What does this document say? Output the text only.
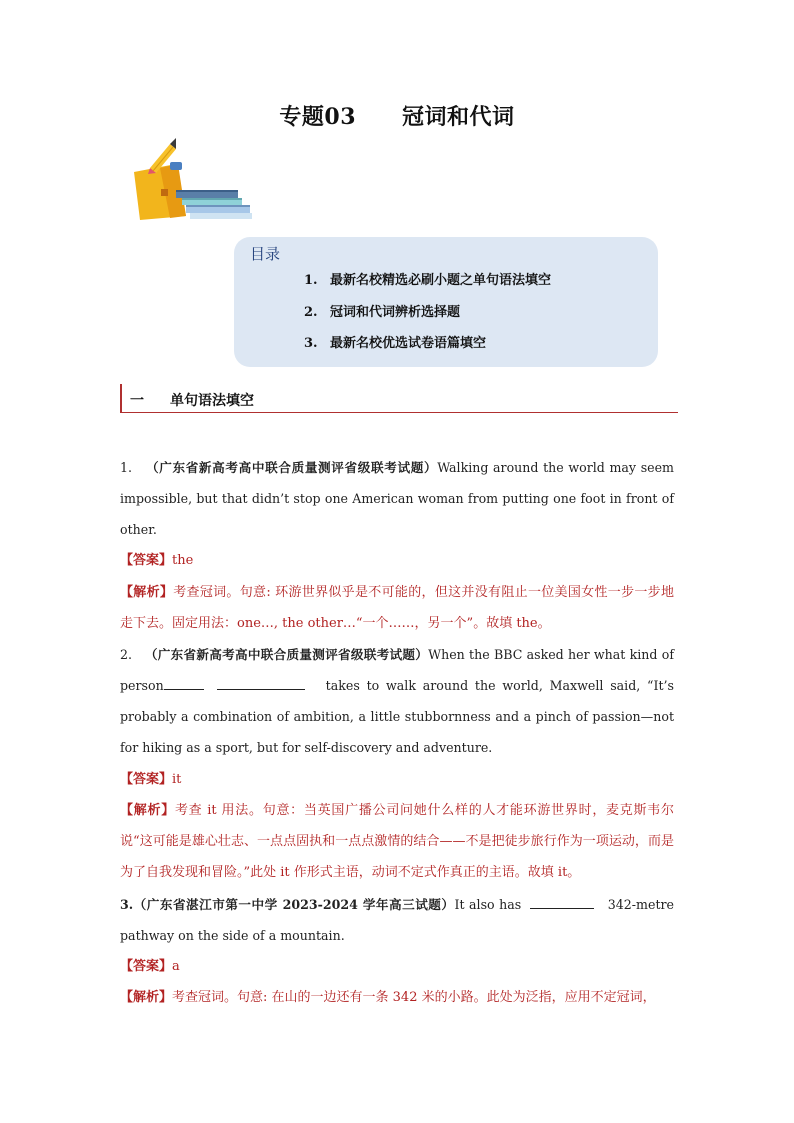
专题03 冠词和代词
目录
1. 最新名校精选必刷小题之单句语法填空
2. 冠词和代词辨析选择题
3. 最新名校优选试卷语篇填空
一 单句语法填空
1. （广东省新高考高中联合质量测评省级联考试题）Walking around the world may seem impossible, but that didn’t stop one American woman from putting one foot in front of other.
【答案】the
【解析】考查冠词。句意: 环游世界似乎是不可能的，但这并没有阻止一位美国女性一步一步地走下去。固定用法：one…, the other…“一个……，另一个”。故填 the。
2. （广东省新高考高中联合质量测评省级联考试题）When the BBC asked her what kind of person	takes to walk around the world, Maxwell said, “It’s probably a combination of ambition, a little stubbornness and a pinch of passion—not for hiking as a sport, but for self-discovery and adventure.
【答案】it
【解析】考查 it 用法。句意：当英国广播公司问她什么样的人才能环游世界时，麦克斯韦尔说“这可能是雄心壮志、一点点固执和一点点激情的结合——不是把徒步旅行作为一项运动，而是为了自我发现和冒险。”此处 it 作形式主语，动词不定式作真正的主语。故填 it。
3.（广东省湛江市第一中学 2023-2024 学年高三试题）It also has	342-metre pathway on the side of a mountain.
【答案】a
【解析】考查冠词。句意: 在山的一边还有一条 342 米的小路。此处为泛指，应用不定冠词，
